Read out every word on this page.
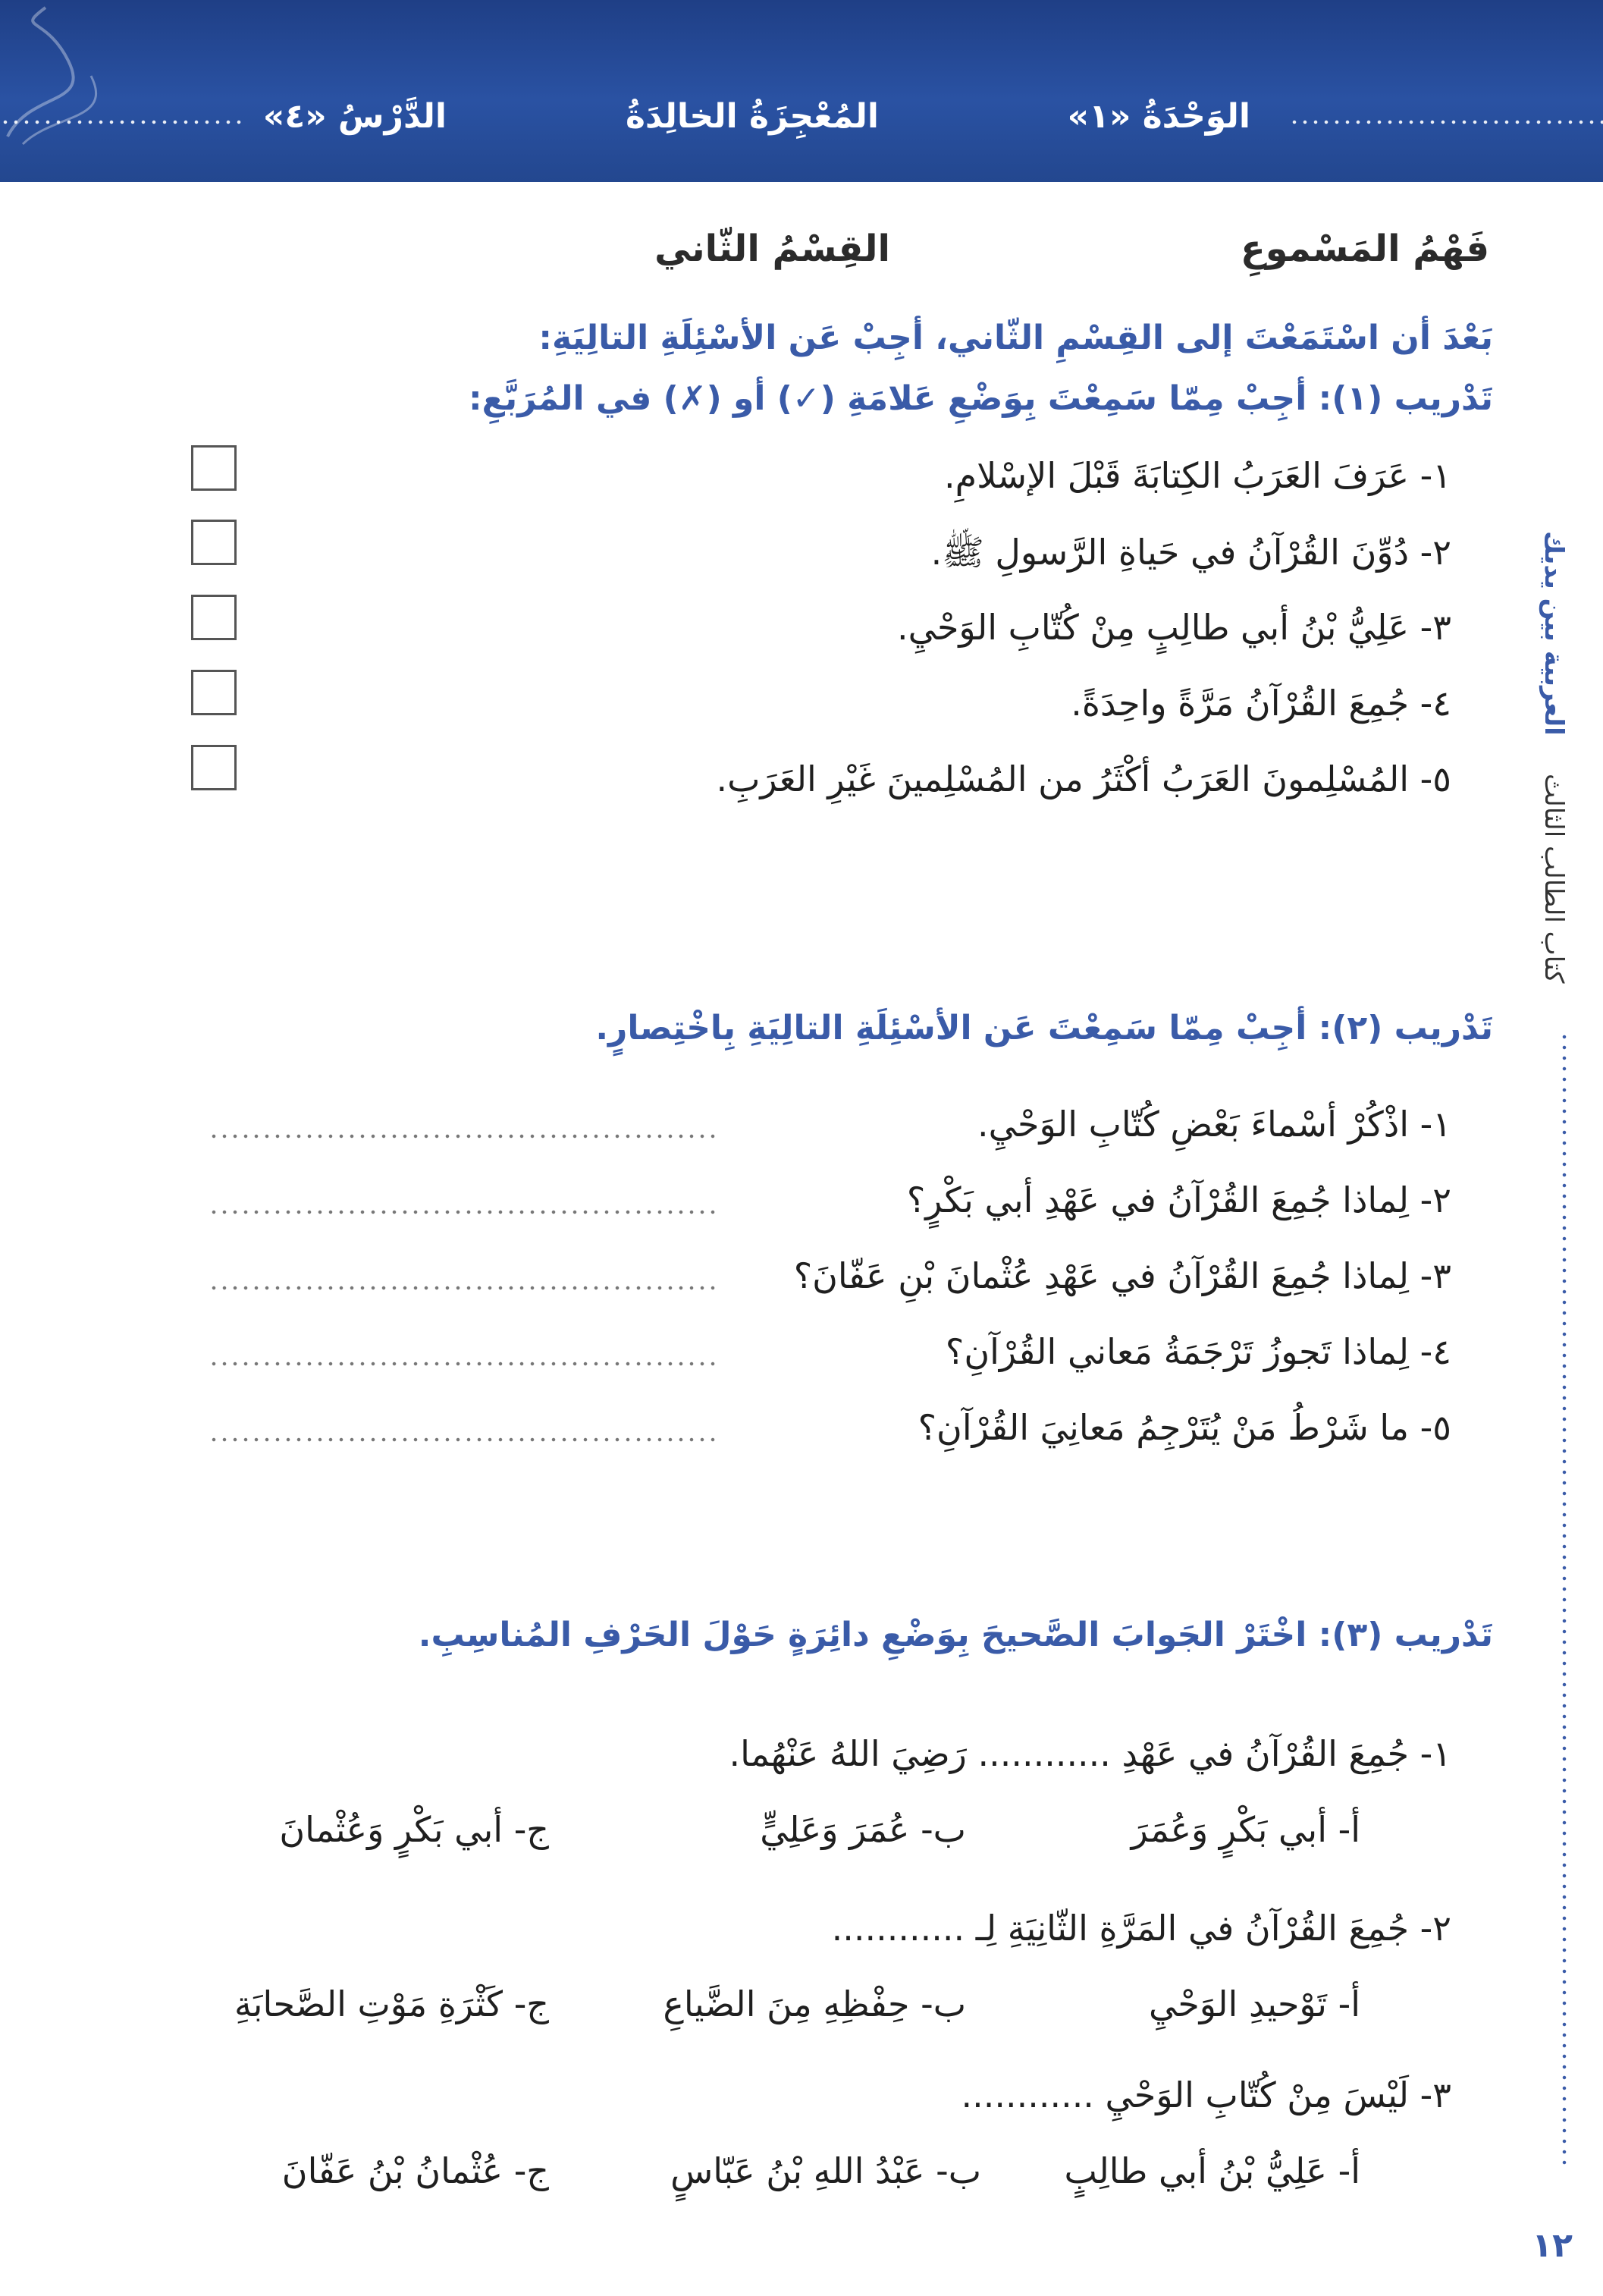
الوَحْدَةُ «١»
المُعْجِزَةُ الخالِدَةُ
الدَّرْسُ «٤»
فَهْمُ المَسْموعِ
القِسْمُ الثّاني
بَعْدَ أن اسْتَمَعْتَ إلى القِسْمِ الثّاني، أجِبْ عَن الأسْئِلَةِ التالِيَةِ:
تَدْريب (١): أجِبْ مِمّا سَمِعْتَ بِوَضْعِ عَلامَةِ (✓) أو (✗) في المُرَبَّعِ:
١- عَرَفَ العَرَبُ الكِتابَةَ قَبْلَ الإسْلامِ.
٢- دُوِّنَ القُرْآنُ في حَياةِ الرَّسولِ ﷺ.
٣- عَلِيُّ بْنُ أبي طالِبٍ مِنْ كُتّابِ الوَحْيِ.
٤- جُمِعَ القُرْآنُ مَرَّةً واحِدَةً.
٥- المُسْلِمونَ العَرَبُ أكْثَرُ من المُسْلِمينَ غَيْرِ العَرَبِ.
تَدْريب (٢): أجِبْ مِمّا سَمِعْتَ عَن الأسْئِلَةِ التالِيَةِ بِاخْتِصارٍ.
١- اذْكُرْ أسْماءَ بَعْضِ كُتّابِ الوَحْيِ.
٢- لِماذا جُمِعَ القُرْآنُ في عَهْدِ أبي بَكْرٍ؟
٣- لِماذا جُمِعَ القُرْآنُ في عَهْدِ عُثْمانَ بْنِ عَفّانَ؟
٤- لِماذا تَجوزُ تَرْجَمَةُ مَعاني القُرْآنِ؟
٥- ما شَرْطُ مَنْ يُتَرْجِمُ مَعانِيَ القُرْآنِ؟
تَدْريب (٣): اخْتَرْ الجَوابَ الصَّحيحَ بِوَضْعِ دائِرَةٍ حَوْلَ الحَرْفِ المُناسِبِ.
١- جُمِعَ القُرْآنُ في عَهْدِ ............ رَضِيَ اللهُ عَنْهُما.
أ- أبي بَكْرٍ وَعُمَرَ
ب- عُمَرَ وَعَلِيٍّ
ج- أبي بَكْرٍ وَعُثْمانَ
٢- جُمِعَ القُرْآنُ في المَرَّةِ الثّانِيَةِ لِـ ............
أ- تَوْحيدِ الوَحْيِ
ب- حِفْظِهِ مِنَ الضَّياعِ
ج- كَثْرَةِ مَوْتِ الصَّحابَةِ
٣- لَيْسَ مِنْ كُتّابِ الوَحْيِ ............
أ- عَلِيُّ بْنُ أبي طالِبٍ
ب- عَبْدُ اللهِ بْنُ عَبّاسٍ
ج- عُثْمانُ بْنُ عَفّانَ
العربية بين يديك
كتاب الطالب الثالث
١٢
